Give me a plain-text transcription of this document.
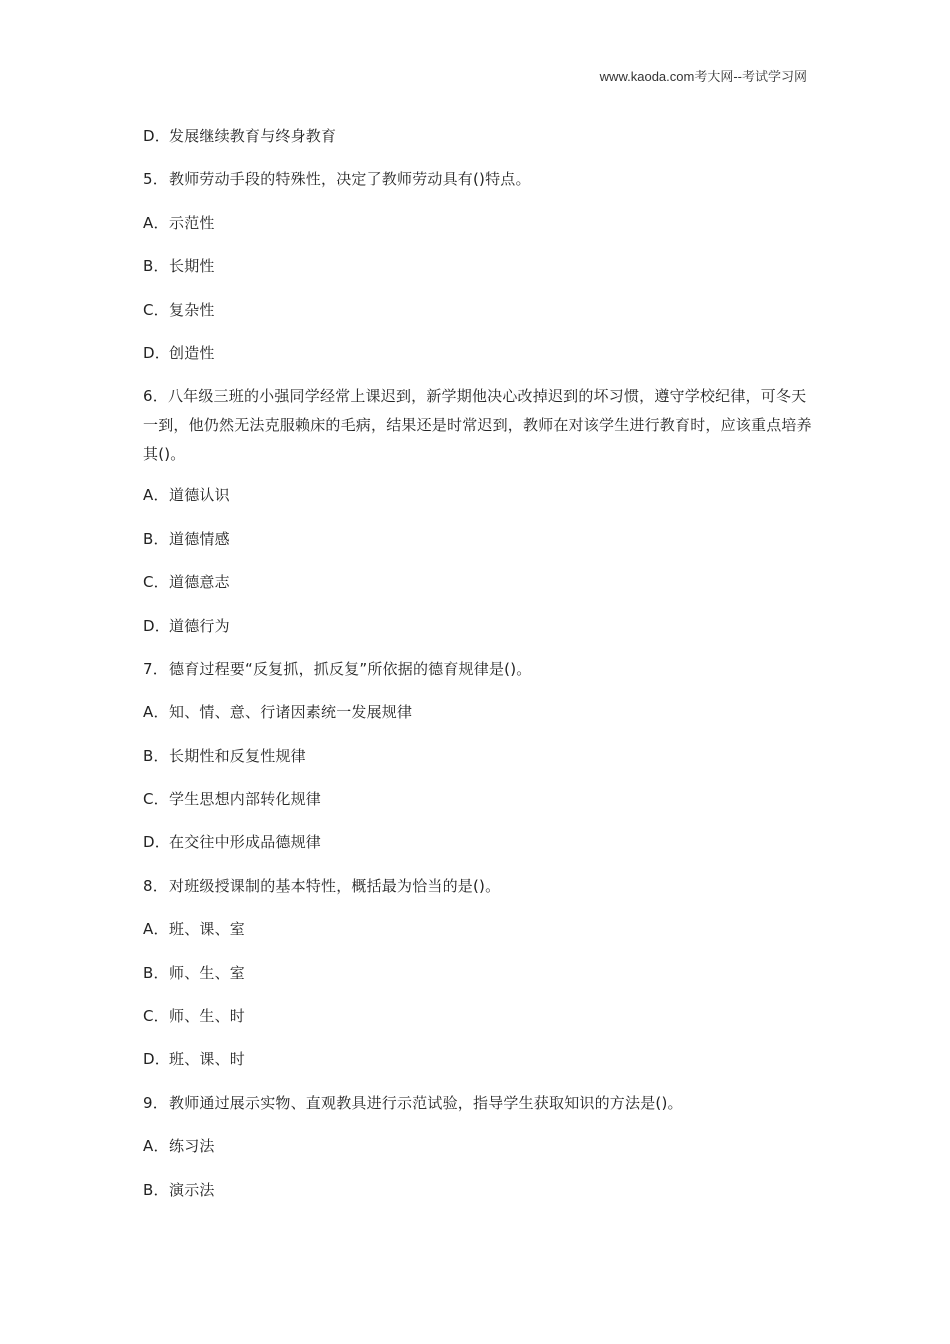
www.kaoda.com考大网--考试学习网
D．发展继续教育与终身教育
5．教师劳动手段的特殊性，决定了教师劳动具有()特点。
A．示范性
B．长期性
C．复杂性
D．创造性
6．八年级三班的小强同学经常上课迟到，新学期他决心改掉迟到的坏习惯，遵守学校纪律，可冬天一到，他仍然无法克服赖床的毛病，结果还是时常迟到，教师在对该学生进行教育时，应该重点培养其()。
A．道德认识
B．道德情感
C．道德意志
D．道德行为
7．德育过程要“反复抓，抓反复”所依据的德育规律是()。
A．知、情、意、行诸因素统一发展规律
B．长期性和反复性规律
C．学生思想内部转化规律
D．在交往中形成品德规律
8．对班级授课制的基本特性，概括最为恰当的是()。
A．班、课、室
B．师、生、室
C．师、生、时
D．班、课、时
9．教师通过展示实物、直观教具进行示范试验，指导学生获取知识的方法是()。
A．练习法
B．演示法
